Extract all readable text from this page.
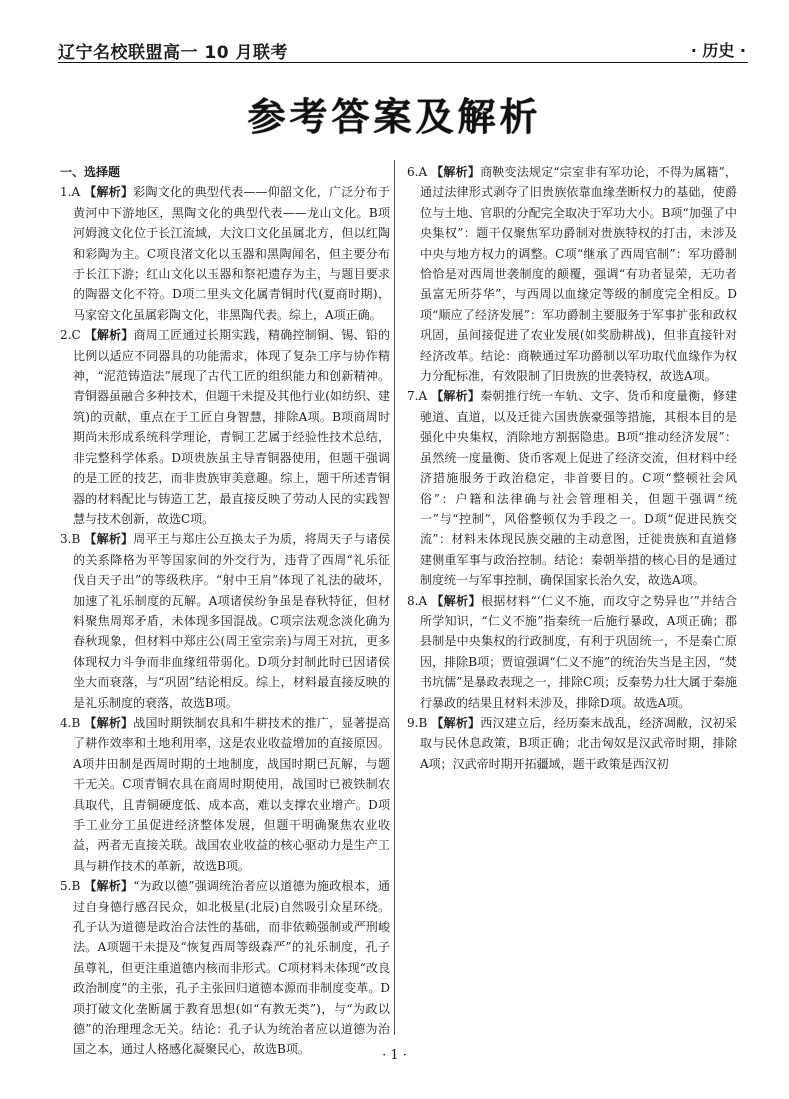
辽宁名校联盟高一 10 月联考	· 历史 ·
参考答案及解析
一、选择题

1.A 【解析】彩陶文化的典型代表——仰韶文化，广泛分布于黄河中下游地区，黑陶文化的典型代表——龙山文化。B项河姆渡文化位于长江流域，大汶口文化虽属北方，但以红陶和彩陶为主。C项良渚文化以玉器和黑陶闻名，但主要分布于长江下游；红山文化以玉器和祭祀遗存为主，与题目要求的陶器文化不符。D项二里头文化属青铜时代(夏商时期)，马家窑文化虽属彩陶文化，非黑陶代表。综上，A项正确。

2.C 【解析】商周工匠通过长期实践，精确控制铜、锡、铅的比例以适应不同器具的功能需求，体现了复杂工序与协作精神，“泥范铸造法”展现了古代工匠的组织能力和创新精神。青铜器虽融合多种技术，但题干未提及其他行业(如纺织、建筑)的贡献，重点在于工匠自身智慧，排除A项。B项商周时期尚未形成系统科学理论，青铜工艺属于经验性技术总结，非完整科学体系。D项贵族虽主导青铜器使用，但题干强调的是工匠的技艺，而非贵族审美意趣。综上，题干所述青铜器的材料配比与铸造工艺，最直接反映了劳动人民的实践智慧与技术创新，故选C项。

3.B 【解析】周平王与郑庄公互换太子为质，将周天子与诸侯的关系降格为平等国家间的外交行为，违背了西周“礼乐征伐自天子出”的等级秩序。“射中王肩”体现了礼法的破坏，加速了礼乐制度的瓦解。A项诸侯纷争虽是春秋特征，但材料聚焦周郑矛盾，未体现多国混战。C项宗法观念淡化确为春秋现象，但材料中郑庄公(周王室宗亲)与周王对抗，更多体现权力斗争而非血缘纽带弱化。D项分封制此时已因诸侯坐大而衰落，与“巩固”结论相反。综上，材料最直接反映的是礼乐制度的衰落，故选B项。

4.B 【解析】战国时期铁制农具和牛耕技术的推广，显著提高了耕作效率和土地利用率，这是农业收益增加的直接原因。A项井田制是西周时期的土地制度，战国时期已瓦解，与题干无关。C项青铜农具在商周时期使用，战国时已被铁制农具取代，且青铜硬度低、成本高，难以支撑农业增产。D项手工业分工虽促进经济整体发展，但题干明确聚焦农业收益，两者无直接关联。战国农业收益的核心驱动力是生产工具与耕作技术的革新，故选B项。

5.B 【解析】“为政以德”强调统治者应以道德为施政根本，通过自身德行感召民众，如北极星(北辰)自然吸引众星环绕。孔子认为道德是政治合法性的基础，而非依赖强制或严刑峻法。A项题干未提及“恢复西周等级森严”的礼乐制度，孔子虽尊礼，但更注重道德内核而非形式。C项材料未体现“改良政治制度”的主张，孔子主张回归道德本源而非制度变革。D项打破文化垄断属于教育思想(如“有教无类”)，与“为政以德”的治理理念无关。结论：孔子认为统治者应以道德为治国之本，通过人格感化凝聚民心，故选B项。

6.A 【解析】商鞅变法规定“宗室非有军功论，不得为属籍”，通过法律形式剥夺了旧贵族依靠血缘垄断权力的基础，使爵位与土地、官职的分配完全取决于军功大小。B项“加强了中央集权”：题干仅聚焦军功爵制对贵族特权的打击，未涉及中央与地方权力的调整。C项“继承了西周官制”：军功爵制恰恰是对西周世袭制度的颠覆，强调“有功者显荣，无功者虽富无所芬华”，与西周以血缘定等级的制度完全相反。D项“顺应了经济发展”：军功爵制主要服务于军事扩张和政权巩固，虽间接促进了农业发展(如奖励耕战)，但非直接针对经济改革。结论：商鞅通过军功爵制以军功取代血缘作为权力分配标准，有效限制了旧贵族的世袭特权，故选A项。

7.A 【解析】秦朝推行统一车轨、文字、货币和度量衡，修建驰道、直道，以及迁徙六国贵族豪强等措施，其根本目的是强化中央集权，消除地方割据隐患。B项“推动经济发展”：虽然统一度量衡、货币客观上促进了经济交流，但材料中经济措施服务于政治稳定，非首要目的。C项“整顿社会风俗”：户籍和法律确与社会管理相关，但题干强调“统一”与“控制”，风俗整顿仅为手段之一。D项“促进民族交流”：材料未体现民族交融的主动意图，迁徙贵族和直道修建侧重军事与政治控制。结论：秦朝举措的核心目的是通过制度统一与军事控制，确保国家长治久安，故选A项。

8.A 【解析】根据材料“‘仁义不施，而攻守之势异也’”并结合所学知识，“仁义不施”指秦统一后施行暴政，A项正确；郡县制是中央集权的行政制度，有利于巩固统一，不是秦亡原因，排除B项；贾谊强调“仁义不施”的统治失当是主因，“焚书坑儒”是暴政表现之一，排除C项；反秦势力壮大属于秦施行暴政的结果且材料未涉及，排除D项。故选A项。

9.B 【解析】西汉建立后，经历秦末战乱，经济凋敝，汉初采取与民休息政策，B项正确；北击匈奴是汉武帝时期，排除A项；汉武帝时期开拓疆域，题干政策是西汉初

· 1 ·
